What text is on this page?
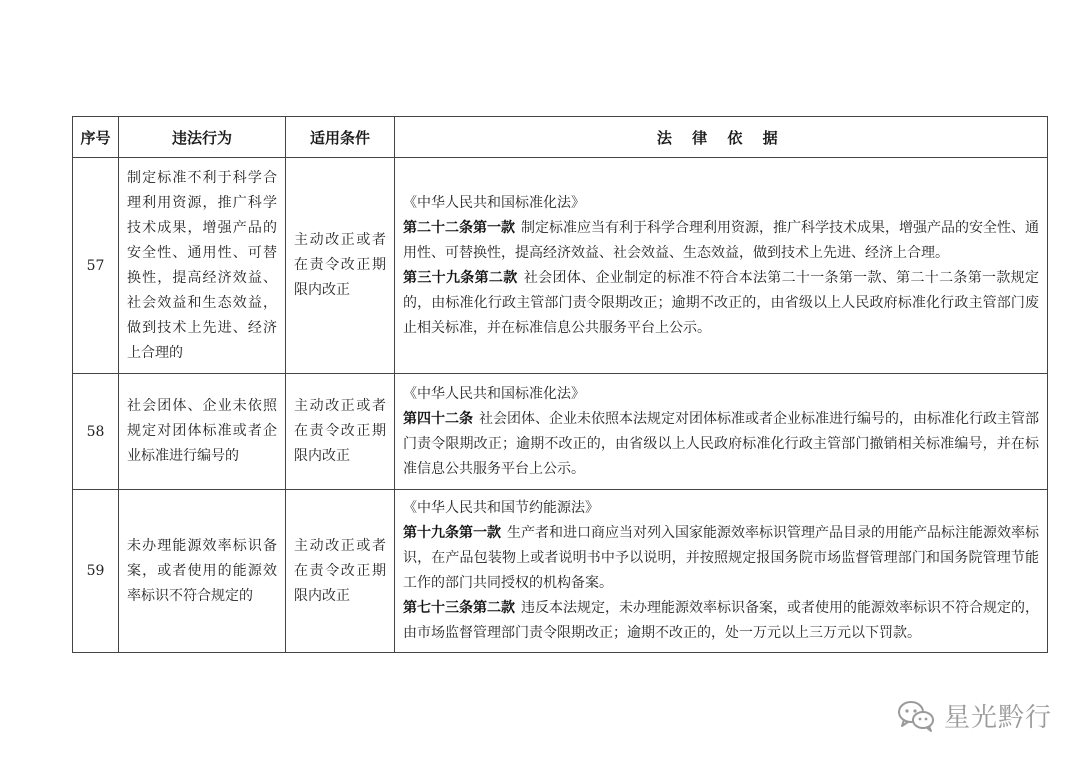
序号	违法行为	适用条件	法 律 依 据
57	制定标准不利于科学合理利用资源，推广科学技术成果，增强产品的安全性、通用性、可替换性，提高经济效益、社会效益和生态效益，做到技术上先进、经济上合理的	主动改正或者在责令改正期限内改正	《中华人民共和国标准化法》
第二十二条第一款 制定标准应当有利于科学合理利用资源，推广科学技术成果，增强产品的安全性、通用性、可替换性，提高经济效益、社会效益、生态效益，做到技术上先进、经济上合理。
第三十九条第二款 社会团体、企业制定的标准不符合本法第二十一条第一款、第二十二条第一款规定的，由标准化行政主管部门责令限期改正；逾期不改正的，由省级以上人民政府标准化行政主管部门废止相关标准，并在标准信息公共服务平台上公示。

58	社会团体、企业未依照规定对团体标准或者企业标准进行编号的	主动改正或者在责令改正期限内改正	《中华人民共和国标准化法》
第四十二条 社会团体、企业未依照本法规定对团体标准或者企业标准进行编号的，由标准化行政主管部门责令限期改正；逾期不改正的，由省级以上人民政府标准化行政主管部门撤销相关标准编号，并在标准信息公共服务平台上公示。

59	未办理能源效率标识备案，或者使用的能源效率标识不符合规定的	主动改正或者在责令改正期限内改正	《中华人民共和国节约能源法》
第十九条第一款 生产者和进口商应当对列入国家能源效率标识管理产品目录的用能产品标注能源效率标识，在产品包装物上或者说明书中予以说明，并按照规定报国务院市场监督管理部门和国务院管理节能工作的部门共同授权的机构备案。
第七十三条第二款 违反本法规定，未办理能源效率标识备案，或者使用的能源效率标识不符合规定的，由市场监督管理部门责令限期改正；逾期不改正的，处一万元以上三万元以下罚款。
星光黔行
